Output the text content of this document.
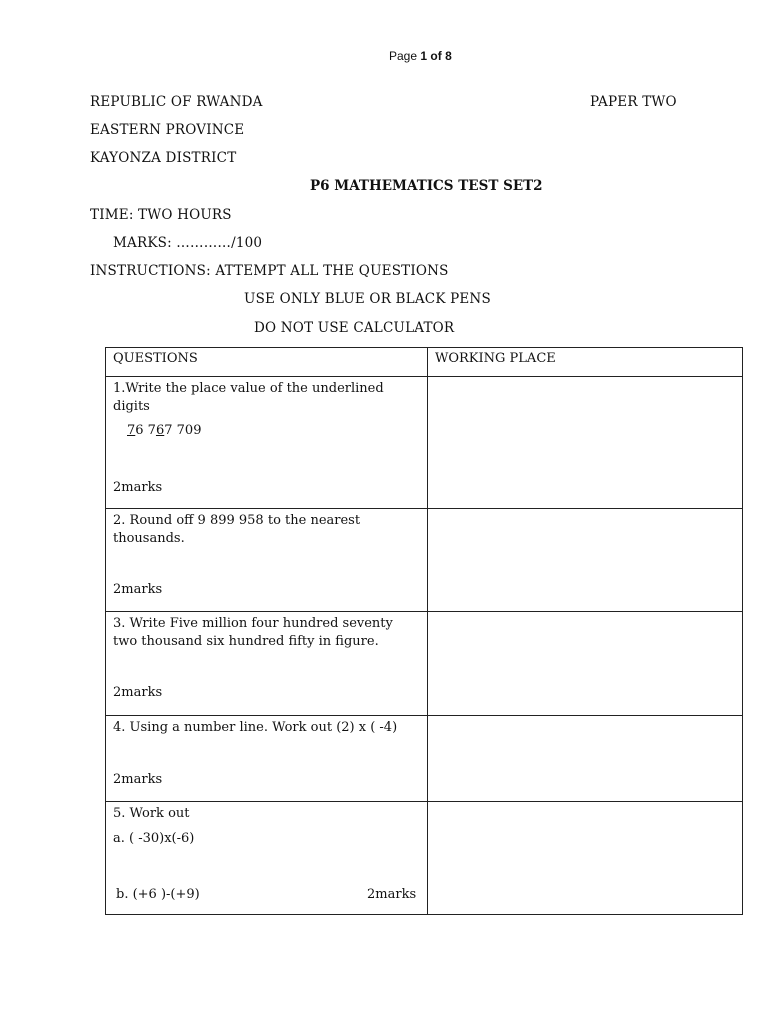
Page 1 of 8
REPUBLIC OF RWANDA	PAPER TWO
EASTERN PROVINCE
KAYONZA DISTRICT
P6 MATHEMATICS TEST SET2
TIME: TWO HOURS
MARKS: …………/100
INSTRUCTIONS: ATTEMPT ALL THE QUESTIONS
USE ONLY BLUE OR BLACK PENS
DO NOT USE CALCULATOR
QUESTIONS	WORKING PLACE

1.Write the place value of the underlined digits
76 767 709
2marks	

2. Round off 9 899 958 to the nearest thousands.
2marks	

3. Write Five million four hundred seventy two thousand six hundred fifty in figure.
2marks	

4. Using a number line. Work out (2) x ( -4)
2marks	

5. Work out
a. ( -30)x(-6)
b. (+6 )-(+9) 2marks	
